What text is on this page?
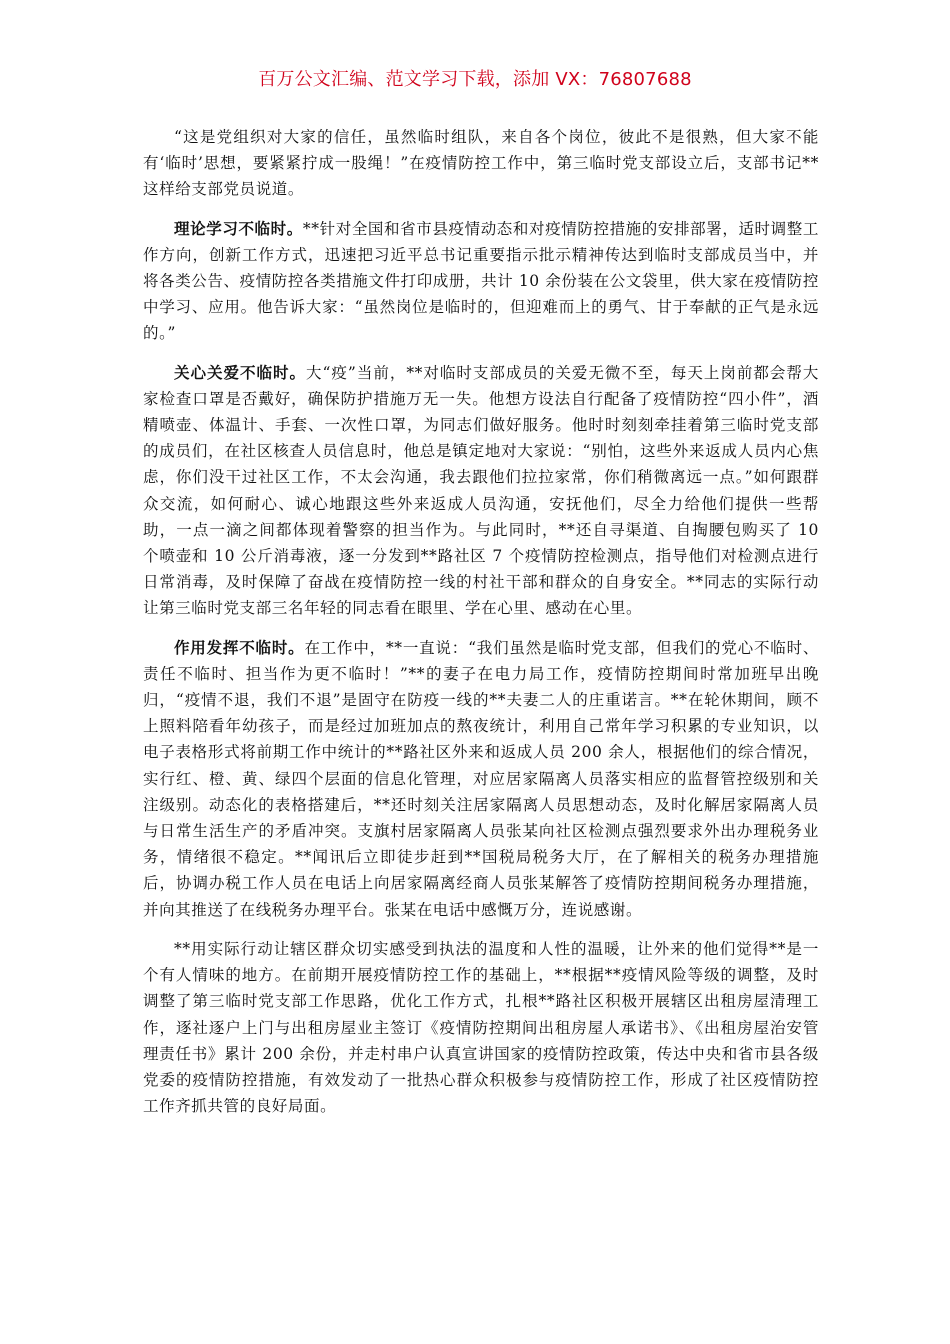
百万公文汇编、范文学习下载，添加 VX：76807688

“这是党组织对大家的信任，虽然临时组队，来自各个岗位，彼此不是很熟，但大家不能有‘临时’思想，要紧紧拧成一股绳！”在疫情防控工作中，第三临时党支部设立后，支部书记**这样给支部党员说道。

理论学习不临时。**针对全国和省市县疫情动态和对疫情防控措施的安排部署，适时调整工作方向，创新工作方式，迅速把习近平总书记重要指示批示精神传达到临时支部成员当中，并将各类公告、疫情防控各类措施文件打印成册，共计 10 余份装在公文袋里，供大家在疫情防控中学习、应用。他告诉大家：“虽然岗位是临时的，但迎难而上的勇气、甘于奉献的正气是永远的。”

关心关爱不临时。大“疫”当前，**对临时支部成员的关爱无微不至，每天上岗前都会帮大家检查口罩是否戴好，确保防护措施万无一失。他想方设法自行配备了疫情防控“四小件”，酒精喷壶、体温计、手套、一次性口罩，为同志们做好服务。他时时刻刻牵挂着第三临时党支部的成员们，在社区核查人员信息时，他总是镇定地对大家说：“别怕，这些外来返成人员内心焦虑，你们没干过社区工作，不太会沟通，我去跟他们拉拉家常，你们稍微离远一点。”如何跟群众交流，如何耐心、诚心地跟这些外来返成人员沟通，安抚他们，尽全力给他们提供一些帮助，一点一滴之间都体现着警察的担当作为。与此同时，**还自寻渠道、自掏腰包购买了 10 个喷壶和 10 公斤消毒液，逐一分发到**路社区 7 个疫情防控检测点，指导他们对检测点进行日常消毒，及时保障了奋战在疫情防控一线的村社干部和群众的自身安全。**同志的实际行动让第三临时党支部三名年轻的同志看在眼里、学在心里、感动在心里。

作用发挥不临时。在工作中，**一直说：“我们虽然是临时党支部，但我们的党心不临时、责任不临时、担当作为更不临时！”**的妻子在电力局工作，疫情防控期间时常加班早出晚归，“疫情不退，我们不退”是固守在防疫一线的**夫妻二人的庄重诺言。**在轮休期间，顾不上照料陪看年幼孩子，而是经过加班加点的熬夜统计，利用自己常年学习积累的专业知识，以电子表格形式将前期工作中统计的**路社区外来和返成人员 200 余人，根据他们的综合情况，实行红、橙、黄、绿四个层面的信息化管理，对应居家隔离人员落实相应的监督管控级别和关注级别。动态化的表格搭建后，**还时刻关注居家隔离人员思想动态，及时化解居家隔离人员与日常生活生产的矛盾冲突。支旗村居家隔离人员张某向社区检测点强烈要求外出办理税务业务，情绪很不稳定。**闻讯后立即徒步赶到**国税局税务大厅，在了解相关的税务办理措施后，协调办税工作人员在电话上向居家隔离经商人员张某解答了疫情防控期间税务办理措施，并向其推送了在线税务办理平台。张某在电话中感慨万分，连说感谢。

**用实际行动让辖区群众切实感受到执法的温度和人性的温暖，让外来的他们觉得**是一个有人情味的地方。在前期开展疫情防控工作的基础上，**根据**疫情风险等级的调整，及时调整了第三临时党支部工作思路，优化工作方式，扎根**路社区积极开展辖区出租房屋清理工作，逐社逐户上门与出租房屋业主签订《疫情防控期间出租房屋人承诺书》、《出租房屋治安管理责任书》累计 200 余份，并走村串户认真宣讲国家的疫情防控政策，传达中央和省市县各级党委的疫情防控措施，有效发动了一批热心群众积极参与疫情防控工作，形成了社区疫情防控工作齐抓共管的良好局面。
